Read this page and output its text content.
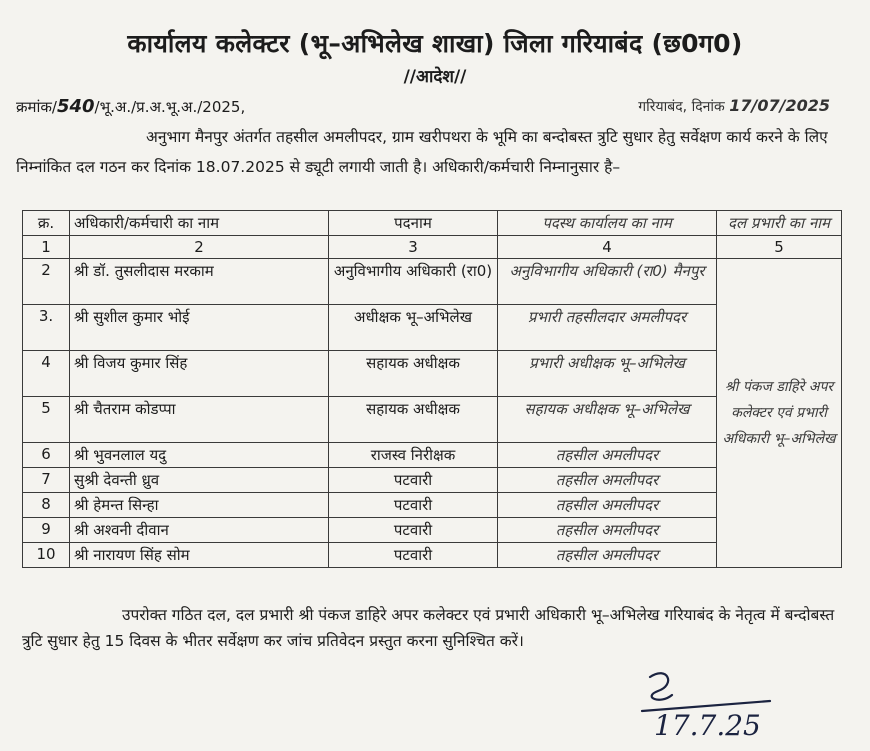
कार्यालय कलेक्टर (भू–अभिलेख शाखा) जिला गरियाबंद (छ0ग0)
//आदेश//
क्रमांक/540/भू.अ./प्र.अ.भू.अ./2025,	गरियाबंद, दिनांक 17/07/2025
अनुभाग मैनपुर अंतर्गत तहसील अमलीपदर, ग्राम खरीपथरा के भूमि का बन्दोबस्त त्रुटि सुधार हेतु सर्वेक्षण कार्य करने के लिए निम्नांकित दल गठन कर दिनांक 18.07.2025 से ड्यूटी लगायी जाती है। अधिकारी/कर्मचारी निम्नानुसार है–
क्र.	अधिकारी/कर्मचारी का नाम	पदनाम	पदस्थ कार्यालय का नाम	दल प्रभारी का नाम
1	2	3	4	5
2	श्री डॉ. तुसलीदास मरकाम	अनुविभागीय अधिकारी (रा0)	अनुविभागीय अधिकारी (रा0) मैनपुर	श्री पंकज डाहिरे अपर कलेक्टर एवं प्रभारी अधिकारी भू–अभिलेख
3.	श्री सुशील कुमार भोई	अधीक्षक भू–अभिलेख	प्रभारी तहसीलदार अमलीपदर	
4	श्री विजय कुमार सिंह	सहायक अधीक्षक	प्रभारी अधीक्षक भू–अभिलेख	
5	श्री चैतराम कोडप्पा	सहायक अधीक्षक	सहायक अधीक्षक भू–अभिलेख	
6	श्री भुवनलाल यदु	राजस्व निरीक्षक	तहसील अमलीपदर	
7	सुश्री देवन्ती ध्रुव	पटवारी	तहसील अमलीपदर	
8	श्री हेमन्त सिन्हा	पटवारी	तहसील अमलीपदर	
9	श्री अश्वनी दीवान	पटवारी	तहसील अमलीपदर	
10	श्री नारायण सिंह सोम	पटवारी	तहसील अमलीपदर	
उपरोक्त गठित दल, दल प्रभारी श्री पंकज डाहिरे अपर कलेक्टर एवं प्रभारी अधिकारी भू–अभिलेख गरियाबंद के नेतृत्व में बन्दोबस्त त्रुटि सुधार हेतु 15 दिवस के भीतर सर्वेक्षण कर जांच प्रतिवेदन प्रस्तुत करना सुनिश्चित करें।
17.7.25
